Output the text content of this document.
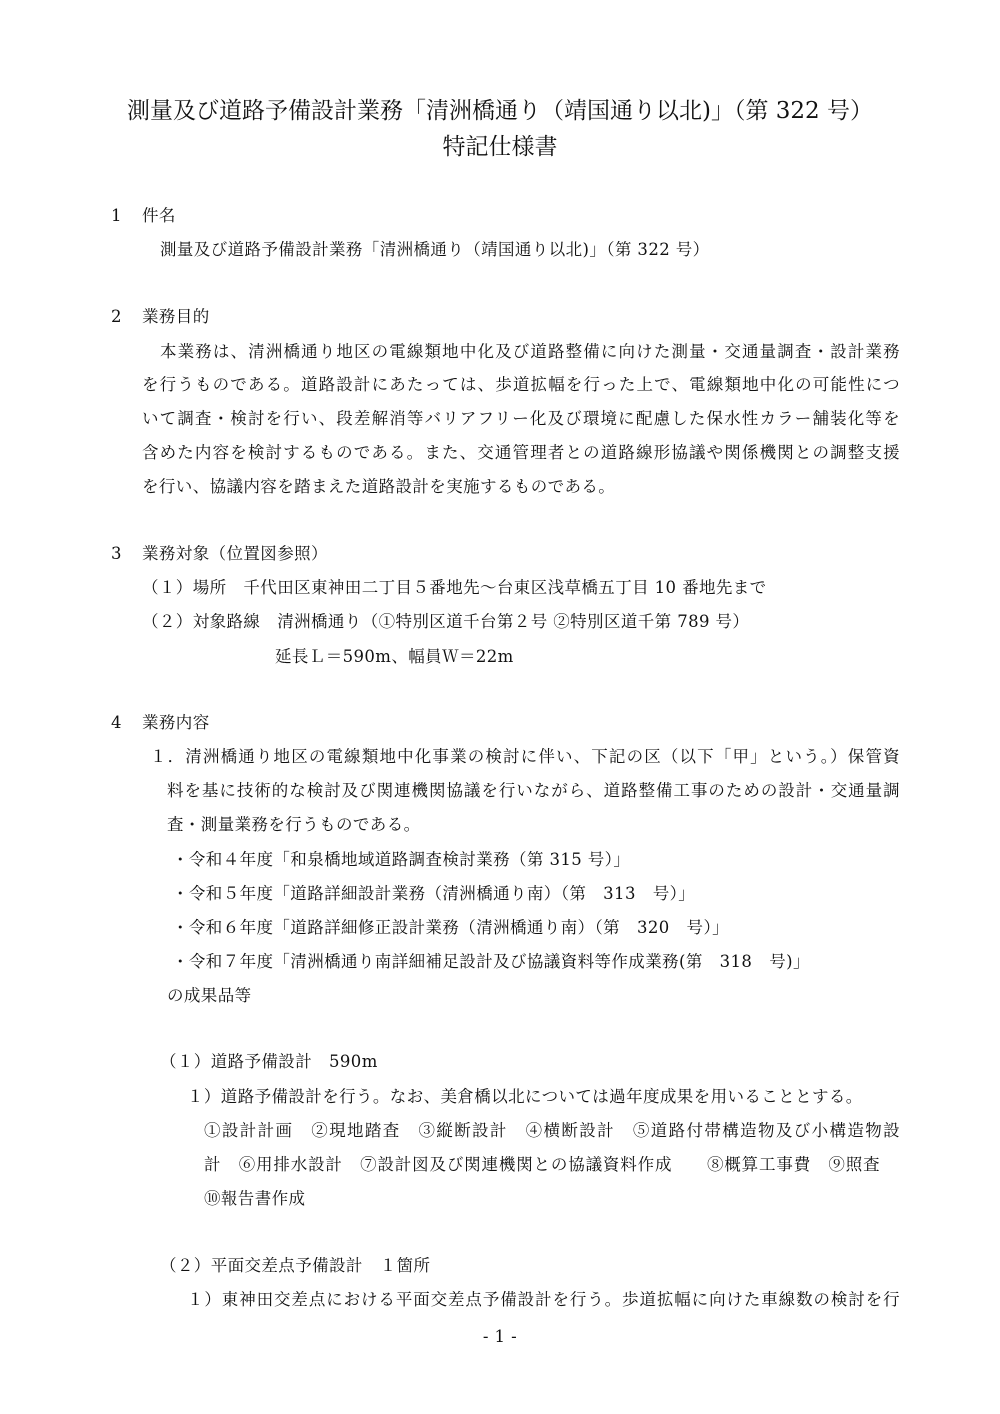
測量及び道路予備設計業務「清洲橋通り（靖国通り以北)」（第 322 号）
特記仕様書
1 件名
測量及び道路予備設計業務「清洲橋通り（靖国通り以北)」（第 322 号）
2 業務目的
本業務は、清洲橋通り地区の電線類地中化及び道路整備に向けた測量・交通量調査・設計業務
を行うものである。道路設計にあたっては、歩道拡幅を行った上で、電線類地中化の可能性につ
いて調査・検討を行い、段差解消等バリアフリー化及び環境に配慮した保水性カラー舗装化等を
含めた内容を検討するものである。また、交通管理者との道路線形協議や関係機関との調整支援
を行い、協議内容を踏まえた道路設計を実施するものである。
3 業務対象（位置図参照）
（１）場所　千代田区東神田二丁目５番地先～台東区浅草橋五丁目 10 番地先まで
（２）対象路線　清洲橋通り（①特別区道千台第２号 ②特別区道千第 789 号）
延長Ｌ＝590m、幅員Ｗ＝22m
4 業務内容
１．清洲橋通り地区の電線類地中化事業の検討に伴い、下記の区（以下「甲」という。）保管資
料を基に技術的な検討及び関連機関協議を行いながら、道路整備工事のための設計・交通量調
査・測量業務を行うものである。
・令和４年度「和泉橋地域道路調査検討業務（第 315 号）」
・令和５年度「道路詳細設計業務（清洲橋通り南）（第　313　号）」
・令和６年度「道路詳細修正設計業務（清洲橋通り南）（第　320　号）」
・令和７年度「清洲橋通り南詳細補足設計及び協議資料等作成業務(第　318　号)」
の成果品等
（１）道路予備設計　590m
１）道路予備設計を行う。なお、美倉橋以北については過年度成果を用いることとする。
①設計計画　②現地踏査　③縦断設計　④横断設計　⑤道路付帯構造物及び小構造物設
計　⑥用排水設計　⑦設計図及び関連機関との協議資料作成　　⑧概算工事費　⑨照査
⑩報告書作成
（２）平面交差点予備設計　１箇所
１）東神田交差点における平面交差点予備設計を行う。歩道拡幅に向けた車線数の検討を行
- 1 -
